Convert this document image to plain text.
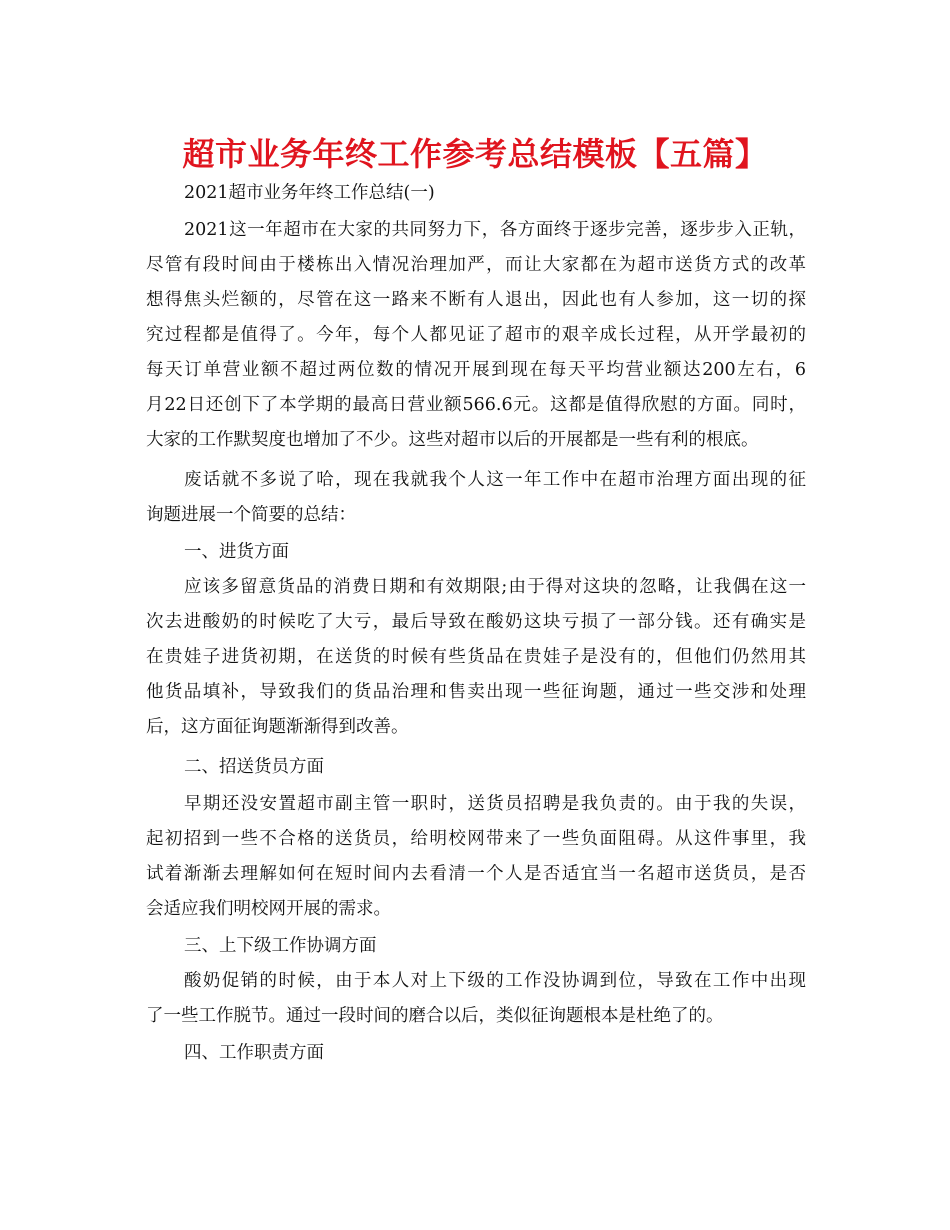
超市业务年终工作参考总结模板【五篇】
2021超市业务年终工作总结(一)
2021这一年超市在大家的共同努力下，各方面终于逐步完善，逐步步入正轨，
尽管有段时间由于楼栋出入情况治理加严，而让大家都在为超市送货方式的改革
想得焦头烂额的，尽管在这一路来不断有人退出，因此也有人参加，这一切的探
究过程都是值得了。今年，每个人都见证了超市的艰辛成长过程，从开学最初的
每天订单营业额不超过两位数的情况开展到现在每天平均营业额达200左右，6
月22日还创下了本学期的最高日营业额566.6元。这都是值得欣慰的方面。同时，
大家的工作默契度也增加了不少。这些对超市以后的开展都是一些有利的根底。
废话就不多说了哈，现在我就我个人这一年工作中在超市治理方面出现的征
询题进展一个简要的总结：
一、进货方面
应该多留意货品的消费日期和有效期限;由于得对这块的忽略，让我偶在这一
次去进酸奶的时候吃了大亏，最后导致在酸奶这块亏损了一部分钱。还有确实是
在贵娃子进货初期，在送货的时候有些货品在贵娃子是没有的，但他们仍然用其
他货品填补，导致我们的货品治理和售卖出现一些征询题，通过一些交涉和处理
后，这方面征询题渐渐得到改善。
二、招送货员方面
早期还没安置超市副主管一职时，送货员招聘是我负责的。由于我的失误，
起初招到一些不合格的送货员，给明校网带来了一些负面阻碍。从这件事里，我
试着渐渐去理解如何在短时间内去看清一个人是否适宜当一名超市送货员，是否
会适应我们明校网开展的需求。
三、上下级工作协调方面
酸奶促销的时候，由于本人对上下级的工作没协调到位，导致在工作中出现
了一些工作脱节。通过一段时间的磨合以后，类似征询题根本是杜绝了的。
四、工作职责方面
